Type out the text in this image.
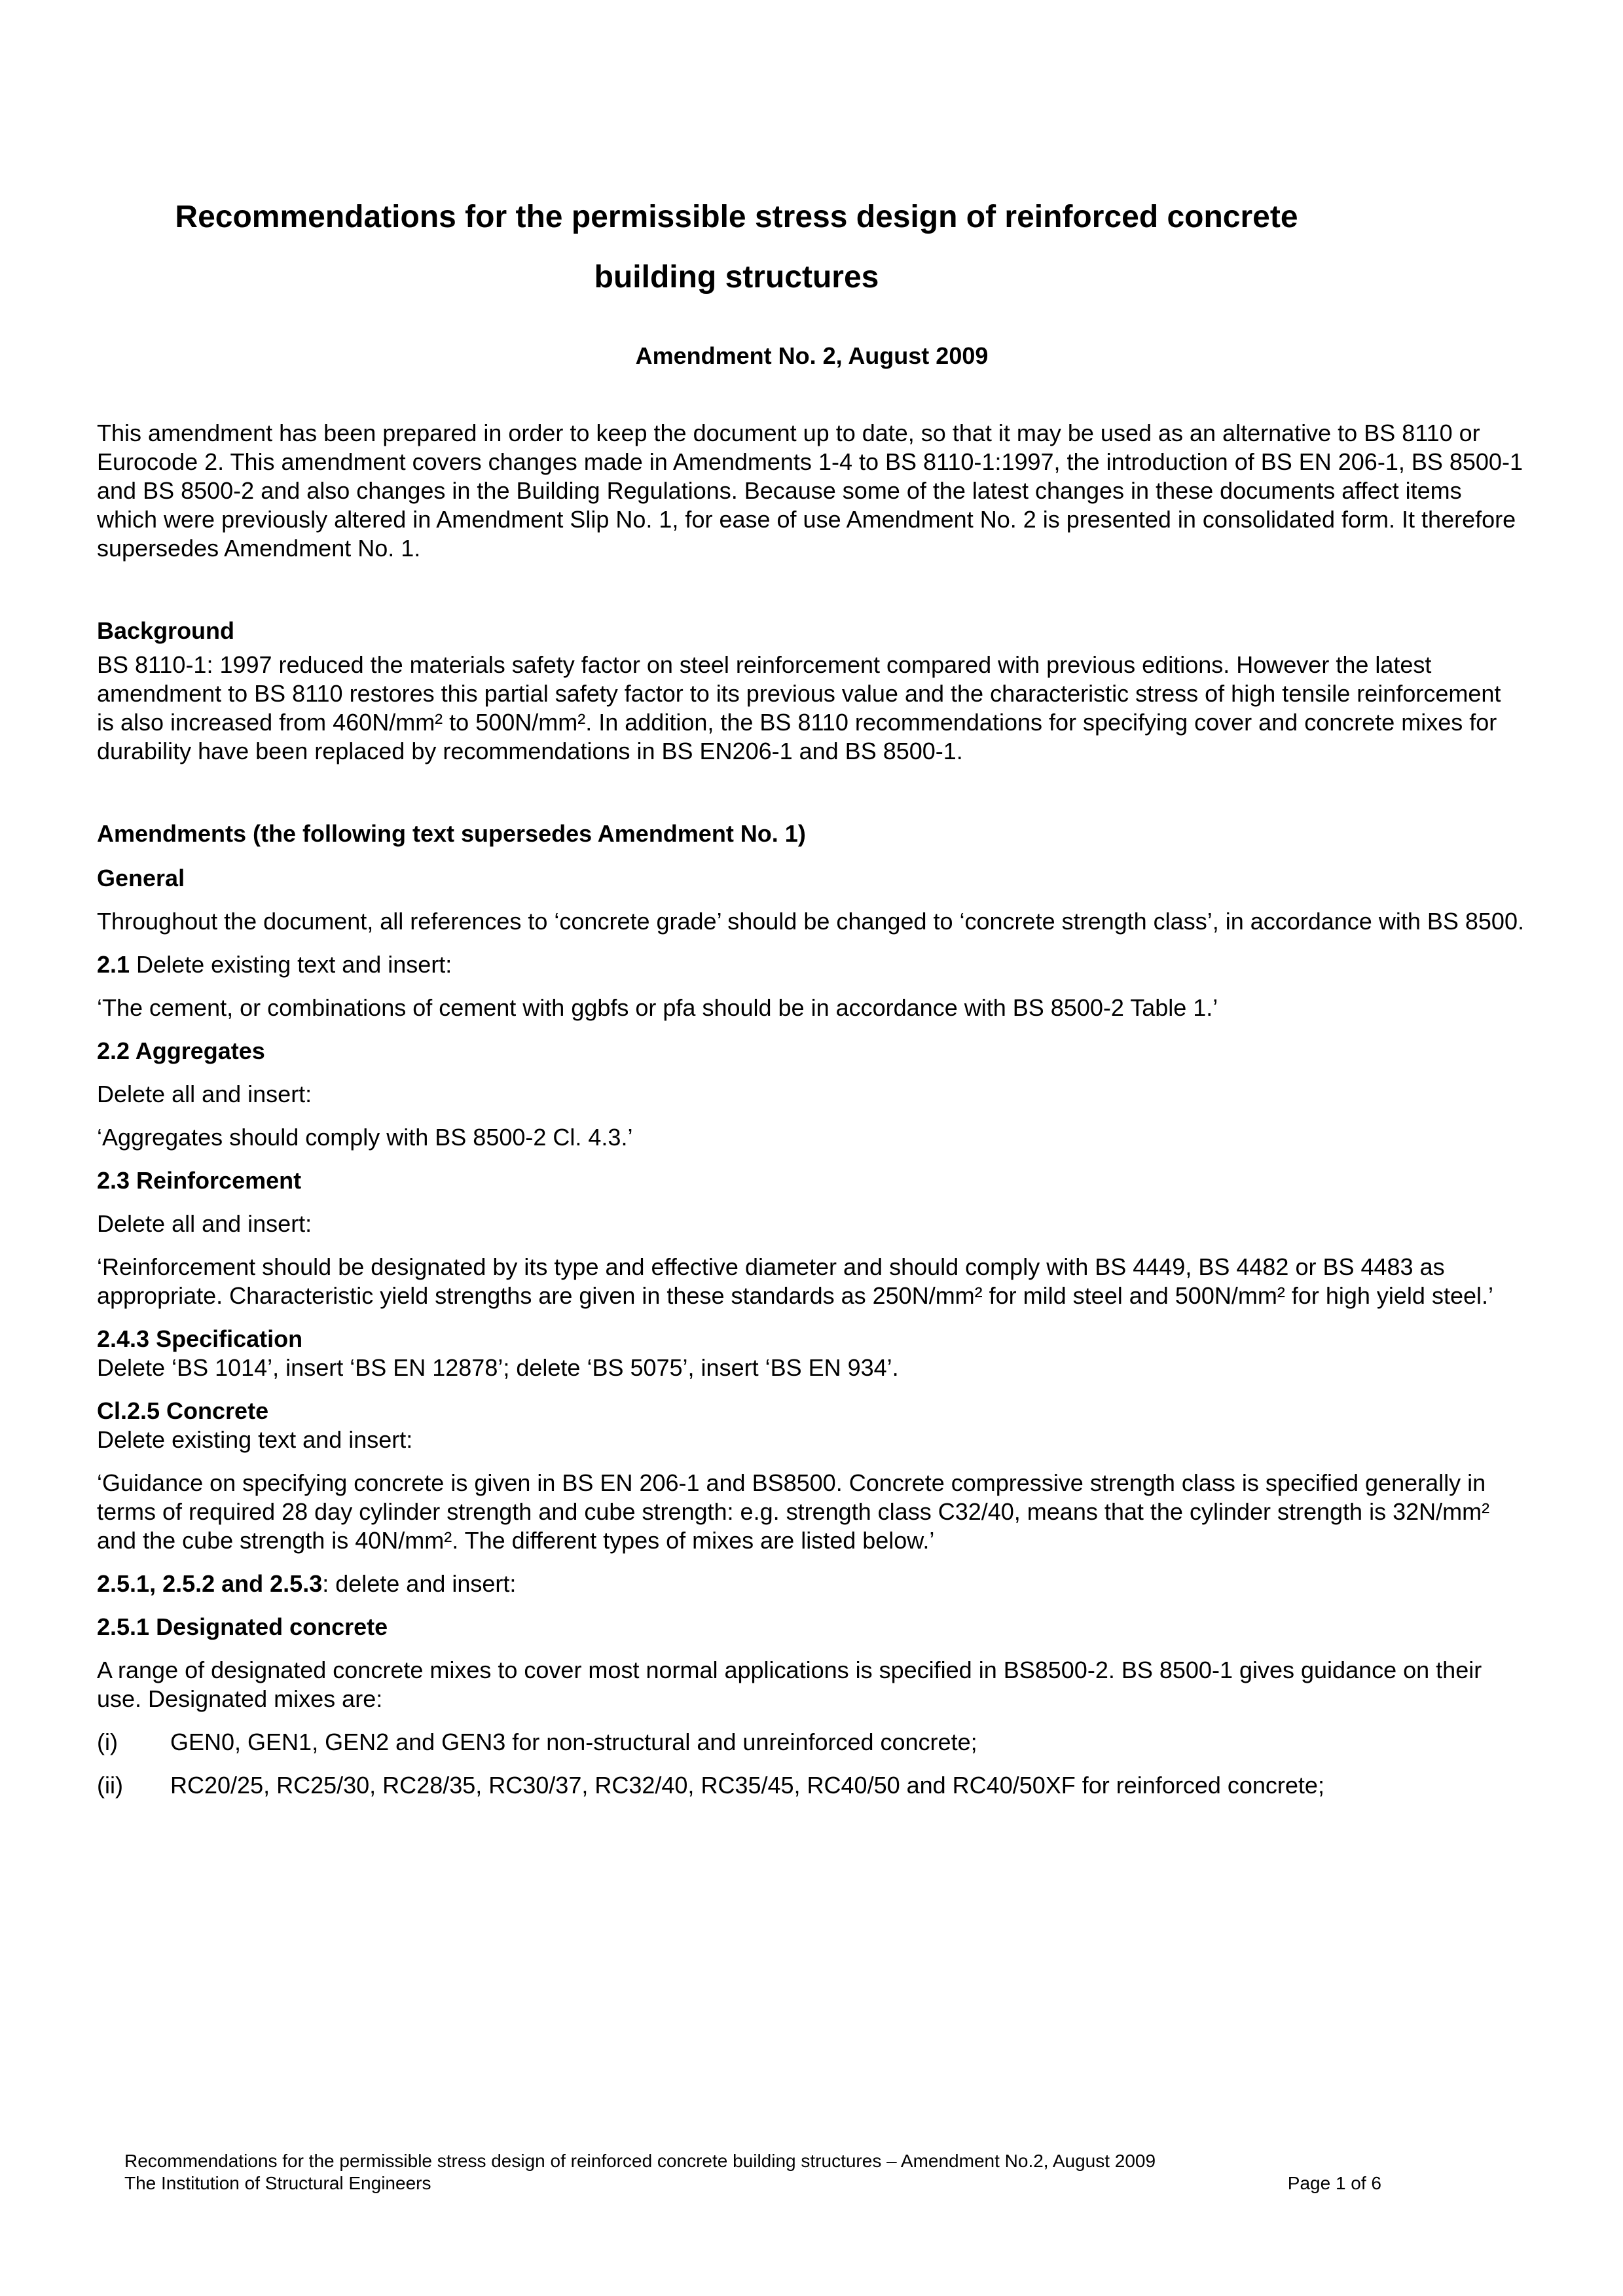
Recommendations for the permissible stress design of reinforced concrete
building structures
Amendment No. 2, August 2009

This amendment has been prepared in order to keep the document up to date, so that it may be used as an alternative to BS 8110 or Eurocode 2. This amendment covers changes made in Amendments 1-4 to BS 8110-1:1997, the introduction of BS EN 206-1, BS 8500-1 and BS 8500-2 and also changes in the Building Regulations. Because some of the latest changes in these documents affect items which were previously altered in Amendment Slip No. 1, for ease of use Amendment No. 2 is presented in consolidated form. It therefore supersedes Amendment No. 1.

Background

BS 8110-1: 1997 reduced the materials safety factor on steel reinforcement compared with previous editions. However the latest amendment to BS 8110 restores this partial safety factor to its previous value and the characteristic stress of high tensile reinforcement is also increased from 460N/mm² to 500N/mm². In addition, the BS 8110 recommendations for specifying cover and concrete mixes for durability have been replaced by recommendations in BS EN206-1 and BS 8500-1.

Amendments (the following text supersedes Amendment No. 1)

General

Throughout the document, all references to ‘concrete grade’ should be changed to ‘concrete strength class’, in accordance with BS 8500.

2.1 Delete existing text and insert:

‘The cement, or combinations of cement with ggbfs or pfa should be in accordance with BS 8500-2 Table 1.’

2.2 Aggregates

Delete all and insert:

‘Aggregates should comply with BS 8500-2 Cl. 4.3.’

2.3 Reinforcement

Delete all and insert:

‘Reinforcement should be designated by its type and effective diameter and should comply with BS 4449, BS 4482 or BS 4483 as appropriate. Characteristic yield strengths are given in these standards as 250N/mm² for mild steel and 500N/mm² for high yield steel.’

2.4.3 Specification

Delete ‘BS 1014’, insert ‘BS EN 12878’; delete ‘BS 5075’, insert ‘BS EN 934’.

Cl.2.5 Concrete

Delete existing text and insert:

‘Guidance on specifying concrete is given in BS EN 206-1 and BS8500. Concrete compressive strength class is specified generally in terms of required 28 day cylinder strength and cube strength: e.g. strength class C32/40, means that the cylinder strength is 32N/mm² and the cube strength is 40N/mm². The different types of mixes are listed below.’

2.5.1, 2.5.2 and 2.5.3: delete and insert:

2.5.1 Designated concrete

A range of designated concrete mixes to cover most normal applications is specified in BS8500-2. BS 8500-1 gives guidance on their use. Designated mixes are:

(i) GEN0, GEN1, GEN2 and GEN3 for non-structural and unreinforced concrete;
(ii) RC20/25, RC25/30, RC28/35, RC30/37, RC32/40, RC35/45, RC40/50 and RC40/50XF for reinforced concrete;
Recommendations for the permissible stress design of reinforced concrete building structures – Amendment No.2, August 2009
The Institution of Structural Engineers	Page 1 of 6
